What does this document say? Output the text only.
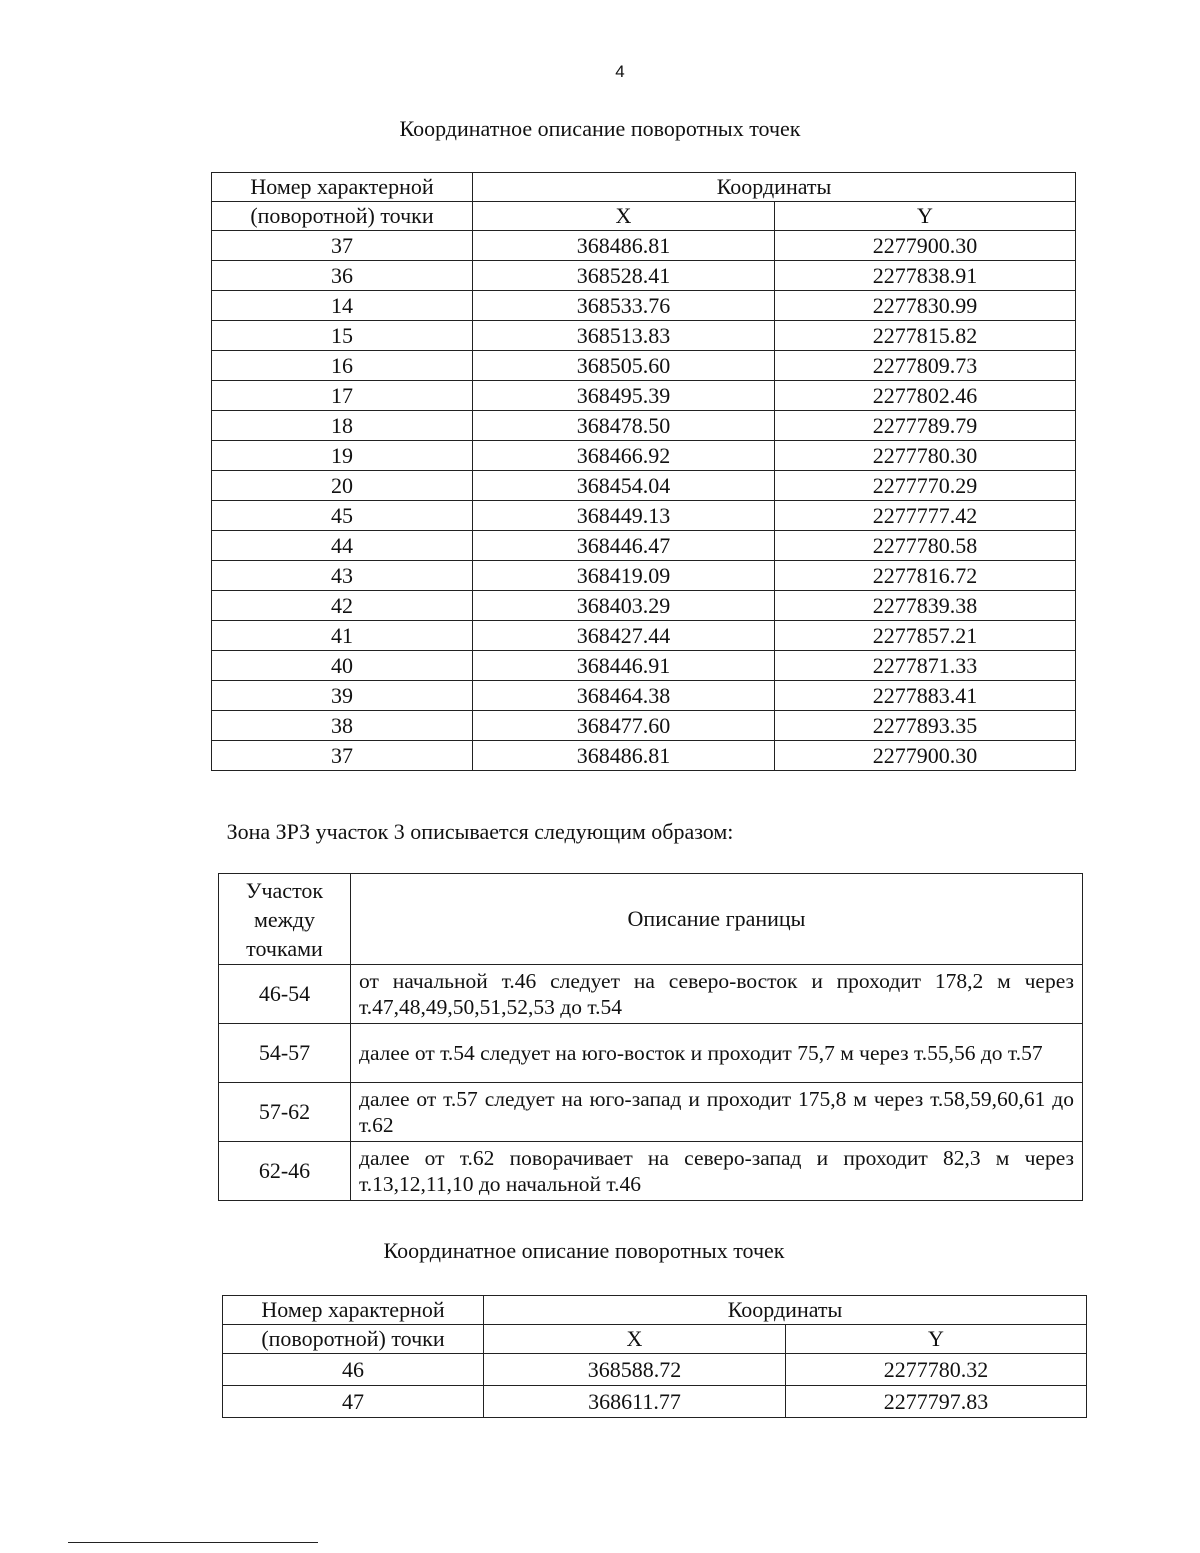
4
Координатное описание поворотных точек
Номер характерной	Координаты	
(поворотной) точки	X	Y
37	368486.81	2277900.30
36	368528.41	2277838.91
14	368533.76	2277830.99
15	368513.83	2277815.82
16	368505.60	2277809.73
17	368495.39	2277802.46
18	368478.50	2277789.79
19	368466.92	2277780.30
20	368454.04	2277770.29
45	368449.13	2277777.42
44	368446.47	2277780.58
43	368419.09	2277816.72
42	368403.29	2277839.38
41	368427.44	2277857.21
40	368446.91	2277871.33
39	368464.38	2277883.41
38	368477.60	2277893.35
37	368486.81	2277900.30
Зона ЗРЗ участок 3 описывается следующим образом:
Участок
между
точками	Описание границы
46-54	от начальной т.46 следует на северо-восток и проходит 178,2 м через т.47,48,49,50,51,52,53 до т.54
54-57	далее от т.54 следует на юго-восток и проходит 75,7 м через т.55,56 до т.57
57-62	далее от т.57 следует на юго-запад и проходит 175,8 м через т.58,59,60,61 до т.62
62-46	далее от т.62 поворачивает на северо-запад и проходит 82,3 м через т.13,12,11,10 до начальной т.46
Координатное описание поворотных точек
Номер характерной	Координаты	
(поворотной) точки	X	Y
46	368588.72	2277780.32
47	368611.77	2277797.83
